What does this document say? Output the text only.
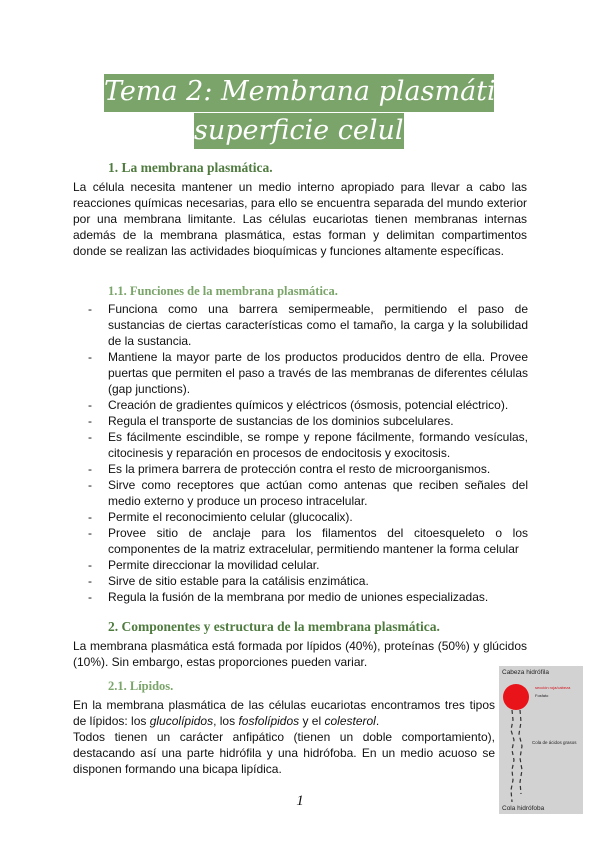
Tema 2: Membrana plasmática y
superficie celular
1. La membrana plasmática.
La célula necesita mantener un medio interno apropiado para llevar a cabo las reacciones químicas necesarias, para ello se encuentra separada del mundo exterior por una membrana limitante. Las células eucariotas tienen membranas internas además de la membrana plasmática, estas forman y delimitan compartimentos donde se realizan las actividades bioquímicas y funciones altamente específicas.
1.1. Funciones de la membrana plasmática.
- Funciona como una barrera semipermeable, permitiendo el paso de sustancias de ciertas características como el tamaño, la carga y la solubilidad de la sustancia.
- Mantiene la mayor parte de los productos producidos dentro de ella. Provee puertas que permiten el paso a través de las membranas de diferentes células (gap junctions).
- Creación de gradientes químicos y eléctricos (ósmosis, potencial eléctrico).
- Regula el transporte de sustancias de los dominios subcelulares.
- Es fácilmente escindible, se rompe y repone fácilmente, formando vesículas, citocinesis y reparación en procesos de endocitosis y exocitosis.
- Es la primera barrera de protección contra el resto de microorganismos.
- Sirve como receptores que actúan como antenas que reciben señales del medio externo y produce un proceso intracelular.
- Permite el reconocimiento celular (glucocalix).
- Provee sitio de anclaje para los filamentos del citoesqueleto o los componentes de la matriz extracelular, permitiendo mantener la forma celular
- Permite direccionar la movilidad celular.
- Sirve de sitio estable para la catálisis enzimática.
- Regula la fusión de la membrana por medio de uniones especializadas.
2. Componentes y estructura de la membrana plasmática.
La membrana plasmática está formada por lípidos (40%), proteínas (50%) y glúcidos (10%). Sin embargo, estas proporciones pueden variar.
2.1. Lípidos.
En la membrana plasmática de las células eucariotas encontramos tres tipos de lípidos: los glucolípidos, los fosfolípidos y el colesterol.
Todos tienen un carácter anfipático (tienen un doble comportamiento), destacando así una parte hidrófila y una hidrófoba. En un medio acuoso se disponen formando una bicapa lipídica.
Cabeza hidrófila
sección roja/cabeza
Fosfato
Cola de ácidos grasos
Cola hidrófoba
1
